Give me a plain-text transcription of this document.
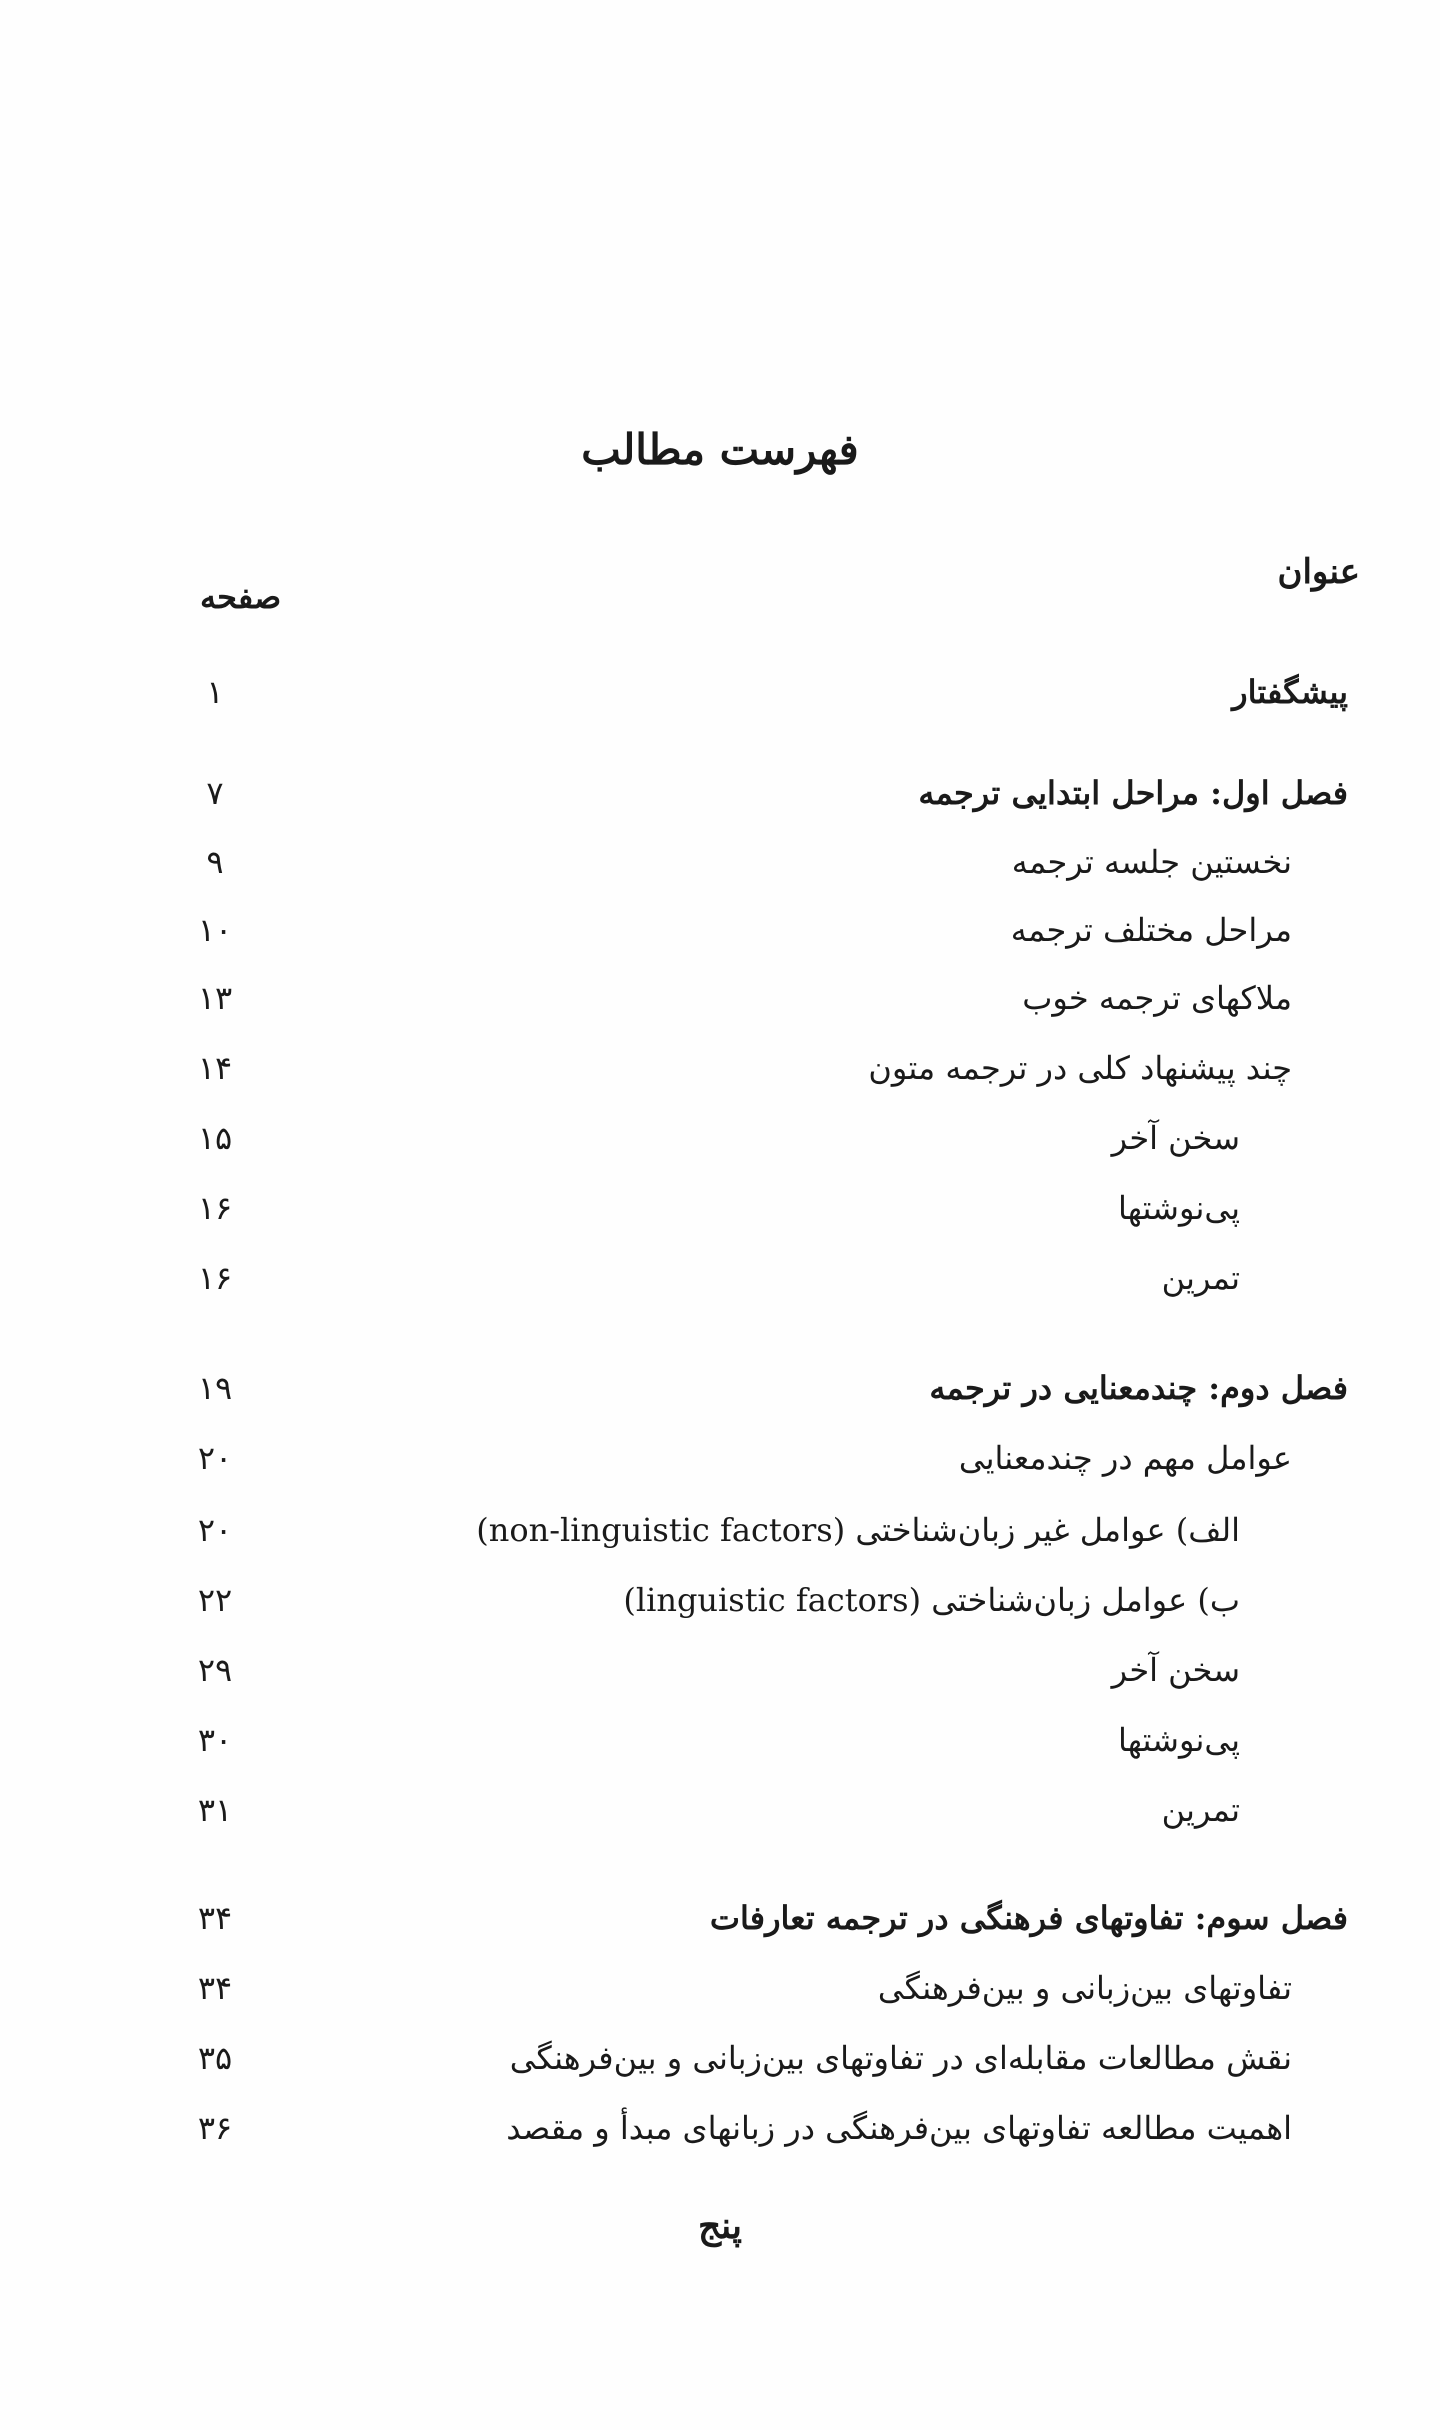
فهرست مطالب
عنوان
صفحه
پیشگفتار
۱
فصل اول: مراحل ابتدایی ترجمه
۷
نخستین جلسه ترجمه
۹
مراحل مختلف ترجمه
۱۰
ملاکهای ترجمه خوب
۱۳
چند پیشنهاد کلی در ترجمه متون
۱۴
سخن آخر
۱۵
پی‌نوشتها
۱۶
تمرین
۱۶
فصل دوم: چندمعنایی در ترجمه
۱۹
عوامل مهم در چندمعنایی
۲۰
الف) عوامل غیر زبان‌شناختی (non-linguistic factors)
۲۰
ب) عوامل زبان‌شناختی (linguistic factors)
۲۲
سخن آخر
۲۹
پی‌نوشتها
۳۰
تمرین
۳۱
فصل سوم: تفاوتهای فرهنگی در ترجمه تعارفات
۳۴
تفاوتهای بین‌زبانی و بین‌فرهنگی
۳۴
نقش مطالعات مقابله‌ای در تفاوتهای بین‌زبانی و بین‌فرهنگی
۳۵
اهمیت مطالعه تفاوتهای بین‌فرهنگی در زبانهای مبدأ و مقصد
۳۶
پنج
